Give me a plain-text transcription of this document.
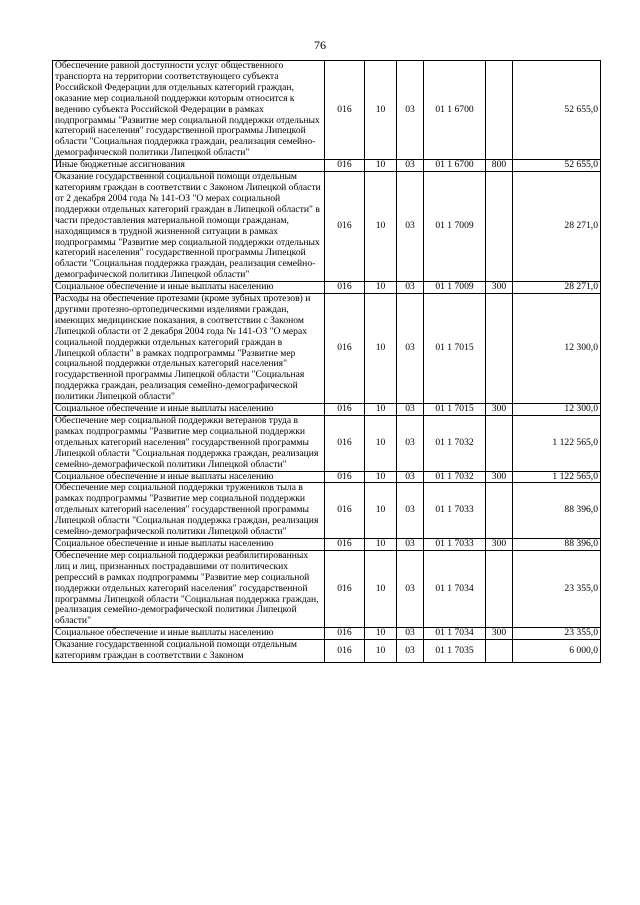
76
Обеспечение равной доступности услуг общественного транспорта на территории соответствующего субъекта Российской Федерации для отдельных категорий граждан, оказание мер социальной поддержки которым относится к ведению субъекта Российской Федерации в рамках подпрограммы "Развитие мер социальной поддержки отдельных категорий населения" государственной программы Липецкой области "Социальная поддержка граждан, реализация семейно-демографической политики Липецкой области"	016	10	03	01 1 6700		52 655,0
Иные бюджетные ассигнования	016	10	03	01 1 6700	800	52 655,0
Оказание государственной социальной помощи отдельным категориям граждан в соответствии с Законом Липецкой области от 2 декабря 2004 года № 141-ОЗ "О мерах социальной поддержки отдельных категорий граждан в Липецкой области" в части предоставления материальной помощи гражданам, находящимся в трудной жизненной ситуации в рамках подпрограммы "Развитие мер социальной поддержки отдельных категорий населения" государственной программы Липецкой области "Социальная поддержка граждан, реализация семейно-демографической политики Липецкой области"	016	10	03	01 1 7009		28 271,0
Социальное обеспечение и иные выплаты населению	016	10	03	01 1 7009	300	28 271,0
Расходы на обеспечение протезами (кроме зубных протезов) и другими протезно-ортопедическими изделиями граждан, имеющих медицинские показания, в соответствии с Законом Липецкой области от 2 декабря 2004 года № 141-ОЗ "О мерах социальной поддержки отдельных категорий граждан в Липецкой области" в рамках подпрограммы "Развитие мер социальной поддержки отдельных категорий населения" государственной программы Липецкой области "Социальная поддержка граждан, реализация семейно-демографической политики Липецкой области"	016	10	03	01 1 7015		12 300,0
Социальное обеспечение и иные выплаты населению	016	10	03	01 1 7015	300	12 300,0
Обеспечение мер социальной поддержки ветеранов труда в рамках подпрограммы "Развитие мер социальной поддержки отдельных категорий населения" государственной программы Липецкой области "Социальная поддержка граждан, реализация семейно-демографической политики Липецкой области"	016	10	03	01 1 7032		1 122 565,0
Социальное обеспечение и иные выплаты населению	016	10	03	01 1 7032	300	1 122 565,0
Обеспечение мер социальной поддержки тружеников тыла в рамках подпрограммы "Развитие мер социальной поддержки отдельных категорий населения" государственной программы Липецкой области "Социальная поддержка граждан, реализация семейно-демографической политики Липецкой области"	016	10	03	01 1 7033		88 396,0
Социальное обеспечение и иные выплаты населению	016	10	03	01 1 7033	300	88 396,0
Обеспечение мер социальной поддержки реабилитированных лиц и лиц, признанных пострадавшими от политических репрессий в рамках подпрограммы "Развитие мер социальной поддержки отдельных категорий населения" государственной программы Липецкой области "Социальная поддержка граждан, реализация семейно-демографической политики Липецкой области"	016	10	03	01 1 7034		23 355,0
Социальное обеспечение и иные выплаты населению	016	10	03	01 1 7034	300	23 355,0
Оказание государственной социальной помощи отдельным категориям граждан в соответствии с Законом	016	10	03	01 1 7035		6 000,0
